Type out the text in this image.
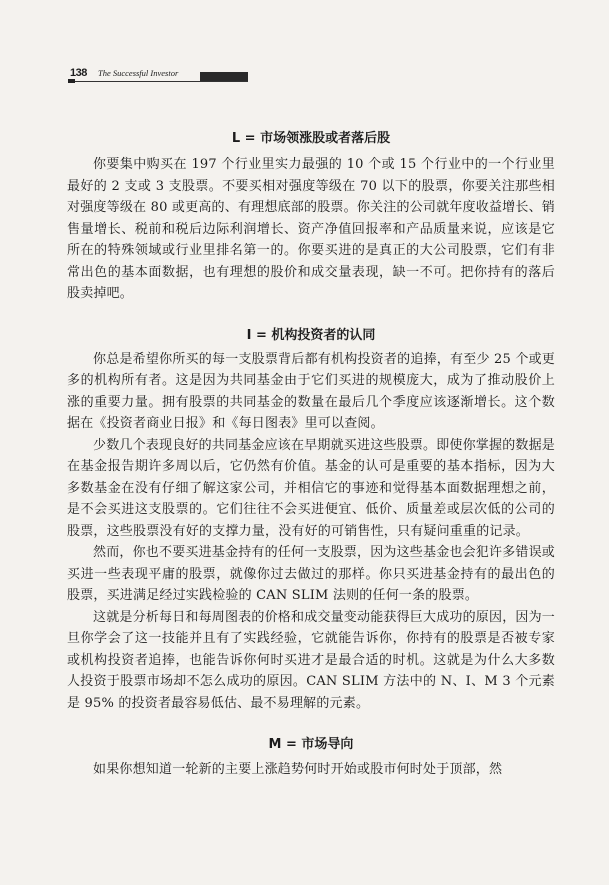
138 The Successful Investor
L = 市场领涨股或者落后股

你要集中购买在 197 个行业里实力最强的 10 个或 15 个行业中的一个行业里最好的 2 支或 3 支股票。不要买相对强度等级在 70 以下的股票，你要关注那些相对强度等级在 80 或更高的、有理想底部的股票。你关注的公司就年度收益增长、销售量增长、税前和税后边际利润增长、资产净值回报率和产品质量来说，应该是它所在的特殊领域或行业里排名第一的。你要买进的是真正的大公司股票，它们有非常出色的基本面数据，也有理想的股价和成交量表现，缺一不可。把你持有的落后股卖掉吧。

I = 机构投资者的认同

你总是希望你所买的每一支股票背后都有机构投资者的追捧，有至少 25 个或更多的机构所有者。这是因为共同基金由于它们买进的规模庞大，成为了推动股价上涨的重要力量。拥有股票的共同基金的数量在最后几个季度应该逐渐增长。这个数据在《投资者商业日报》和《每日图表》里可以查阅。

少数几个表现良好的共同基金应该在早期就买进这些股票。即使你掌握的数据是在基金报告期许多周以后，它仍然有价值。基金的认可是重要的基本指标，因为大多数基金在没有仔细了解这家公司，并相信它的事迹和觉得基本面数据理想之前，是不会买进这支股票的。它们往往不会买进便宜、低价、质量差或层次低的公司的股票，这些股票没有好的支撑力量，没有好的可销售性，只有疑问重重的记录。

然而，你也不要买进基金持有的任何一支股票，因为这些基金也会犯许多错误或买进一些表现平庸的股票，就像你过去做过的那样。你只买进基金持有的最出色的股票，买进满足经过实践检验的 CAN SLIM 法则的任何一条的股票。

这就是分析每日和每周图表的价格和成交量变动能获得巨大成功的原因，因为一旦你学会了这一技能并且有了实践经验，它就能告诉你，你持有的股票是否被专家或机构投资者追捧，也能告诉你何时买进才是最合适的时机。这就是为什么大多数人投资于股票市场却不怎么成功的原因。CAN SLIM 方法中的 N、I、M 3 个元素是 95% 的投资者最容易低估、最不易理解的元素。

M = 市场导向

如果你想知道一轮新的主要上涨趋势何时开始或股市何时处于顶部，然
